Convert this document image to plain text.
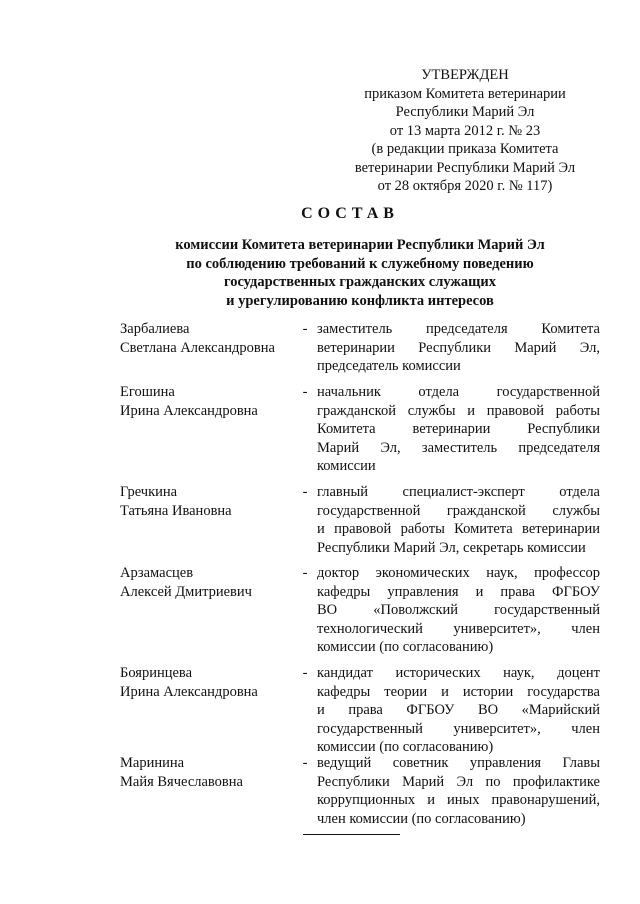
УТВЕРЖДЕН
приказом Комитета ветеринарии
Республики Марий Эл
от 13 марта 2012 г. № 23
(в редакции приказа Комитета
ветеринарии Республики Марий Эл
от 28 октября 2020 г. № 117)
СОСТАВ
комиссии Комитета ветеринарии Республики Марий Эл
по соблюдению требований к служебному поведению
государственных гражданских служащих
и урегулированию конфликта интересов
Зарбалиева
Светлана Александровна
- заместитель председателя Комитета
ветеринарии Республики Марий Эл,
председатель комиссии
Егошина
Ирина Александровна
- начальник отдела государственной
гражданской службы и правовой работы
Комитета ветеринарии Республики
Марий Эл, заместитель председателя
комиссии
Гречкина
Татьяна Ивановна
- главный специалист-эксперт отдела
государственной гражданской службы
и правовой работы Комитета ветеринарии
Республики Марий Эл, секретарь комиссии
Арзамасцев
Алексей Дмитриевич
- доктор экономических наук, профессор
кафедры управления и права ФГБОУ
ВО «Поволжский государственный
технологический университет», член
комиссии (по согласованию)
Бояринцева
Ирина Александровна
- кандидат исторических наук, доцент
кафедры теории и истории государства
и права ФГБОУ ВО «Марийский
государственный университет», член
комиссии (по согласованию)
Маринина
Майя Вячеславовна
- ведущий советник управления Главы
Республики Марий Эл по профилактике
коррупционных и иных правонарушений,
член комиссии (по согласованию)
